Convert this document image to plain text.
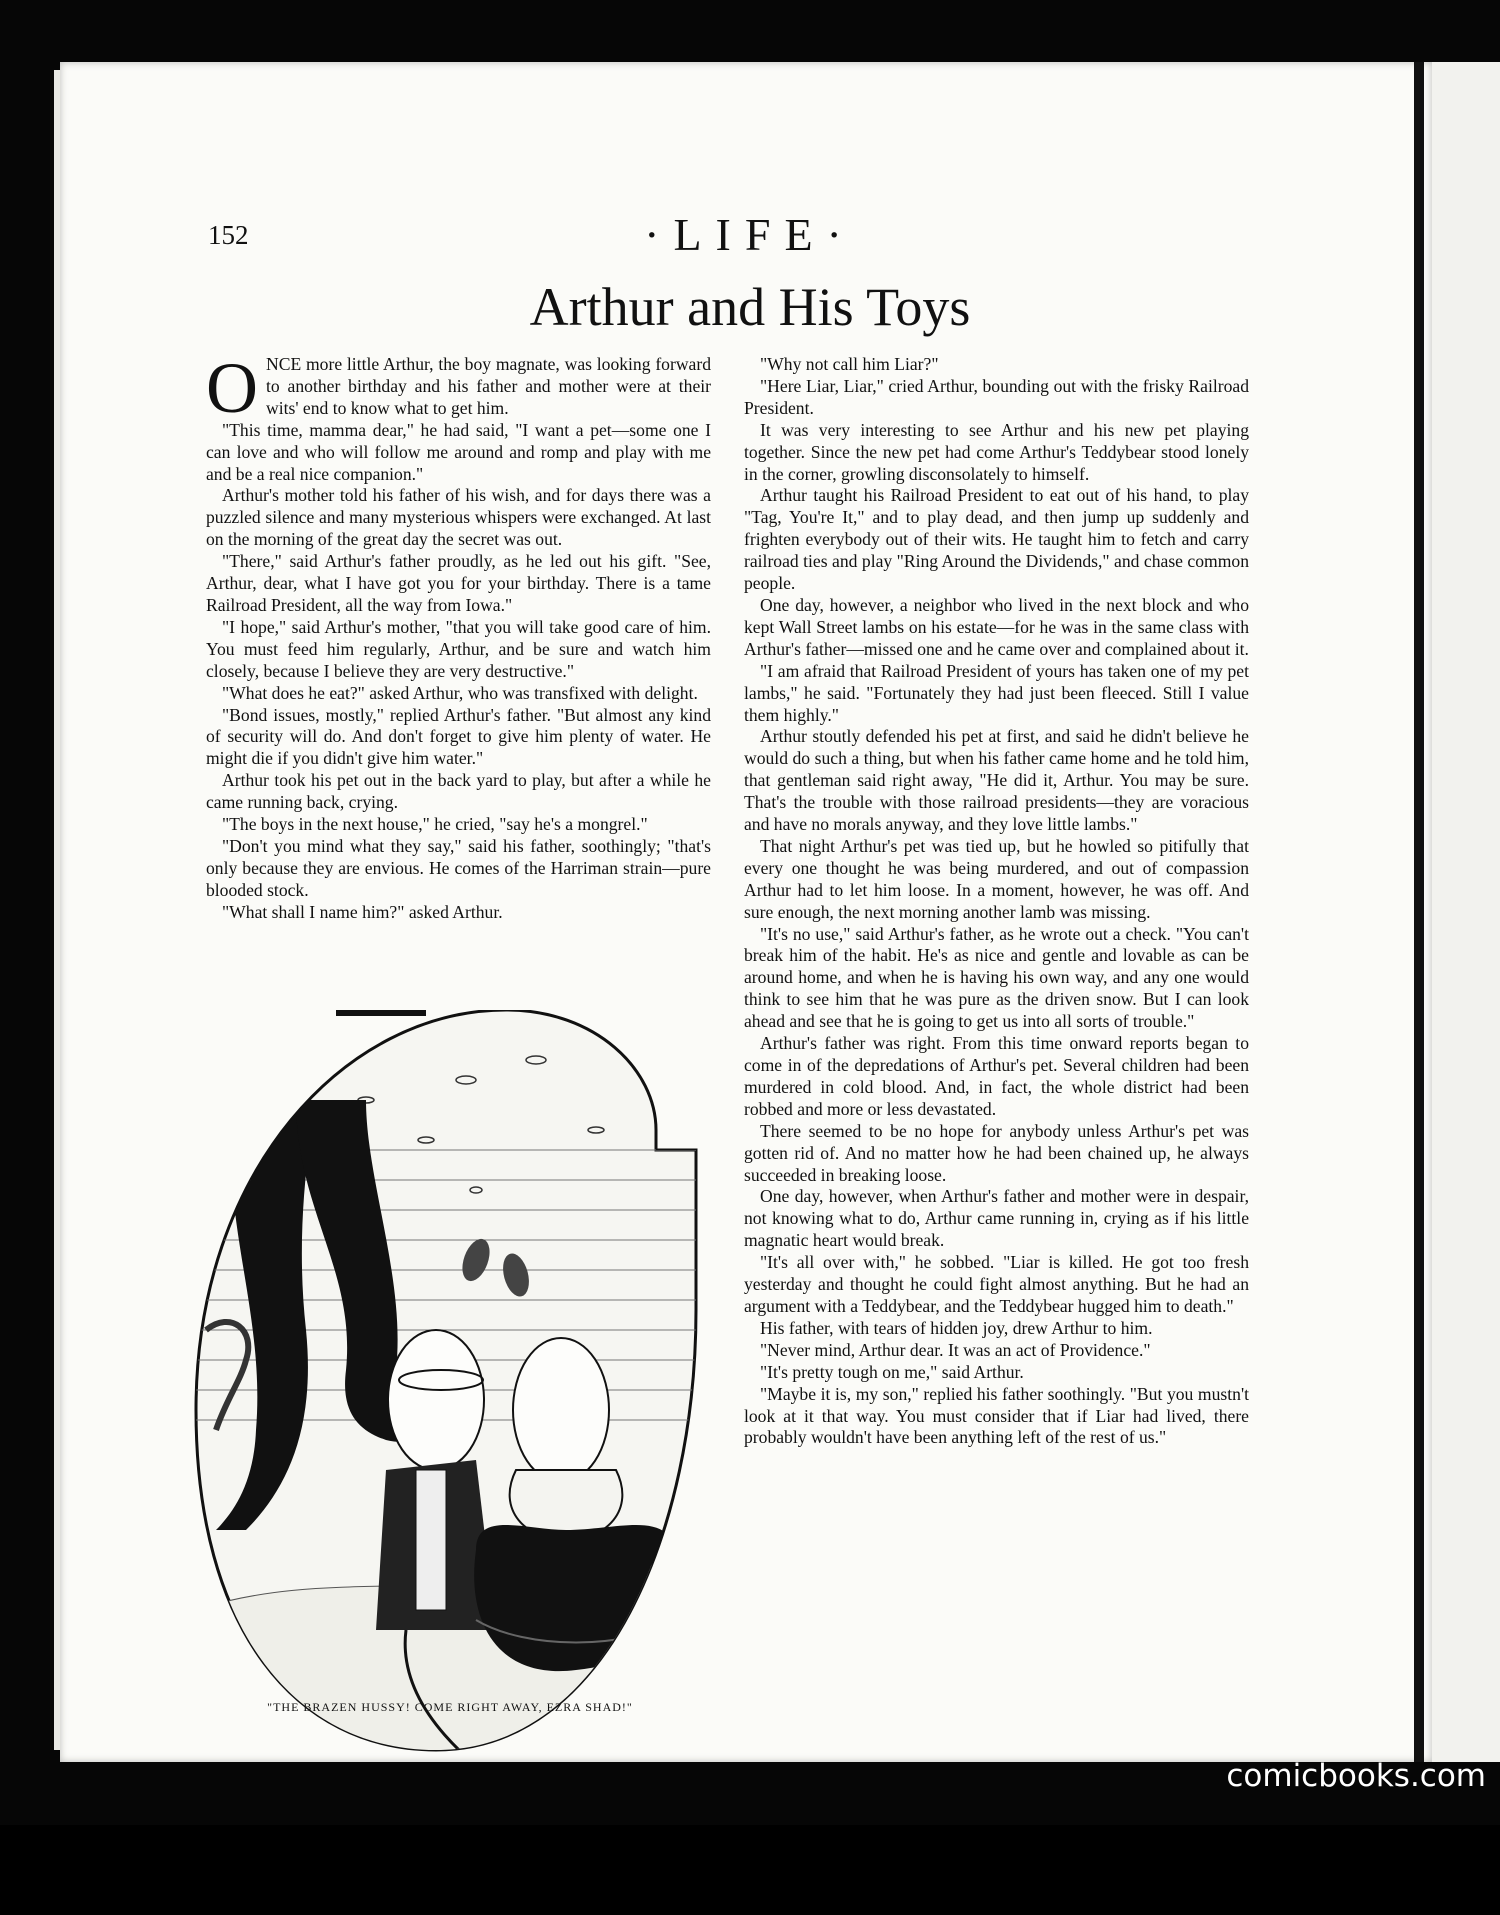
152	·LIFE·
Arthur and His Toys

ONCE more little Arthur, the boy magnate, was looking forward to another birthday and his father and mother were at their wits' end to know what to get him.

"This time, mamma dear," he had said, "I want a pet—some one I can love and who will follow me around and romp and play with me and be a real nice companion."

Arthur's mother told his father of his wish, and for days there was a puzzled silence and many mysterious whispers were exchanged. At last on the morning of the great day the secret was out.

"There," said Arthur's father proudly, as he led out his gift. "See, Arthur, dear, what I have got you for your birthday. There is a tame Railroad President, all the way from Iowa."

"I hope," said Arthur's mother, "that you will take good care of him. You must feed him regularly, Arthur, and be sure and watch him closely, because I believe they are very destructive."

"What does he eat?" asked Arthur, who was transfixed with delight.

"Bond issues, mostly," replied Arthur's father. "But almost any kind of security will do. And don't forget to give him plenty of water. He might die if you didn't give him water."

Arthur took his pet out in the back yard to play, but after a while he came running back, crying.

"The boys in the next house," he cried, "say he's a mongrel."

"Don't you mind what they say," said his father, soothingly; "that's only because they are envious. He comes of the Harriman strain—pure blooded stock.

"What shall I name him?" asked Arthur.

"Why not call him Liar?"

"Here Liar, Liar," cried Arthur, bounding out with the frisky Railroad President.

It was very interesting to see Arthur and his new pet playing together. Since the new pet had come Arthur's Teddybear stood lonely in the corner, growling disconsolately to himself.

Arthur taught his Railroad President to eat out of his hand, to play "Tag, You're It," and to play dead, and then jump up suddenly and frighten everybody out of their wits. He taught him to fetch and carry railroad ties and play "Ring Around the Dividends," and chase common people.

One day, however, a neighbor who lived in the next block and who kept Wall Street lambs on his estate—for he was in the same class with Arthur's father—missed one and he came over and complained about it.

"I am afraid that Railroad President of yours has taken one of my pet lambs," he said. "Fortunately they had just been fleeced. Still I value them highly."

Arthur stoutly defended his pet at first, and said he didn't believe he would do such a thing, but when his father came home and he told him, that gentleman said right away, "He did it, Arthur. You may be sure. That's the trouble with those railroad presidents—they are voracious and have no morals anyway, and they love little lambs."

That night Arthur's pet was tied up, but he howled so pitifully that every one thought he was being murdered, and out of compassion Arthur had to let him loose. In a moment, however, he was off. And sure enough, the next morning another lamb was missing.

"It's no use," said Arthur's father, as he wrote out a check. "You can't break him of the habit. He's as nice and gentle and lovable as can be around home, and when he is having his own way, and any one would think to see him that he was pure as the driven snow. But I can look ahead and see that he is going to get us into all sorts of trouble."

Arthur's father was right. From this time onward reports began to come in of the depredations of Arthur's pet. Several children had been murdered in cold blood. And, in fact, the whole district had been robbed and more or less devastated.

There seemed to be no hope for anybody unless Arthur's pet was gotten rid of. And no matter how he had been chained up, he always succeeded in breaking loose.

One day, however, when Arthur's father and mother were in despair, not knowing what to do, Arthur came running in, crying as if his little magnatic heart would break.

"It's all over with," he sobbed. "Liar is killed. He got too fresh yesterday and thought he could fight almost anything. But he had an argument with a Teddybear, and the Teddybear hugged him to death."

His father, with tears of hidden joy, drew Arthur to him.

"Never mind, Arthur dear. It was an act of Providence."

"It's pretty tough on me," said Arthur.

"Maybe it is, my son," replied his father soothingly. "But you mustn't look at it that way. You must consider that if Liar had lived, there probably wouldn't have been anything left of the rest of us."

"THE BRAZEN HUSSY! COME RIGHT AWAY, EZRA SHAD!"
comicbooks.com
